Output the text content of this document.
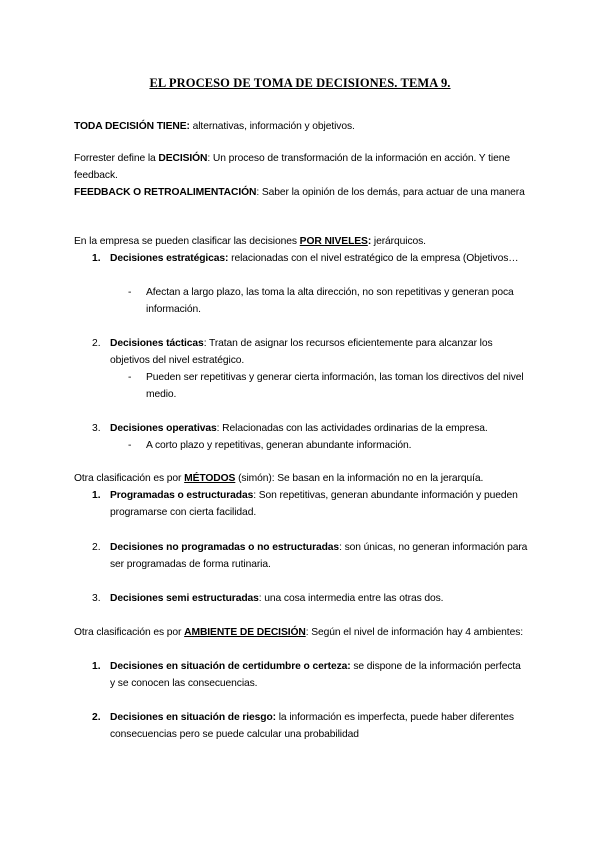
EL PROCESO DE TOMA DE DECISIONES. TEMA 9.
TODA DECISIÓN TIENE: alternativas, información y objetivos.
Forrester define la DECISIÓN: Un proceso de transformación de la información en acción. Y tiene feedback.
FEEDBACK O RETROALIMENTACIÓN: Saber la opinión de los demás, para actuar de una manera
En la empresa se pueden clasificar las decisiones POR NIVELES: jerárquicos.
1. Decisiones estratégicas: relacionadas con el nivel estratégico de la empresa (Objetivos…
- Afectan a largo plazo, las toma la alta dirección, no son repetitivas y generan poca información.
2. Decisiones tácticas: Tratan de asignar los recursos eficientemente para alcanzar los objetivos del nivel estratégico.
- Pueden ser repetitivas y generar cierta información, las toman los directivos del nivel medio.
3. Decisiones operativas: Relacionadas con las actividades ordinarias de la empresa.
- A corto plazo y repetitivas, generan abundante información.
Otra clasificación es por MÉTODOS (simón): Se basan en la información no en la jerarquía.
1. Programadas o estructuradas: Son repetitivas, generan abundante información y pueden programarse con cierta facilidad.
2. Decisiones no programadas o no estructuradas: son únicas, no generan información para ser programadas de forma rutinaria.
3. Decisiones semi estructuradas: una cosa intermedia entre las otras dos.
Otra clasificación es por AMBIENTE DE DECISIÓN: Según el nivel de información hay 4 ambientes:
1. Decisiones en situación de certidumbre o certeza: se dispone de la información perfecta y se conocen las consecuencias.
2. Decisiones en situación de riesgo: la información es imperfecta, puede haber diferentes consecuencias pero se puede calcular una probabilidad
